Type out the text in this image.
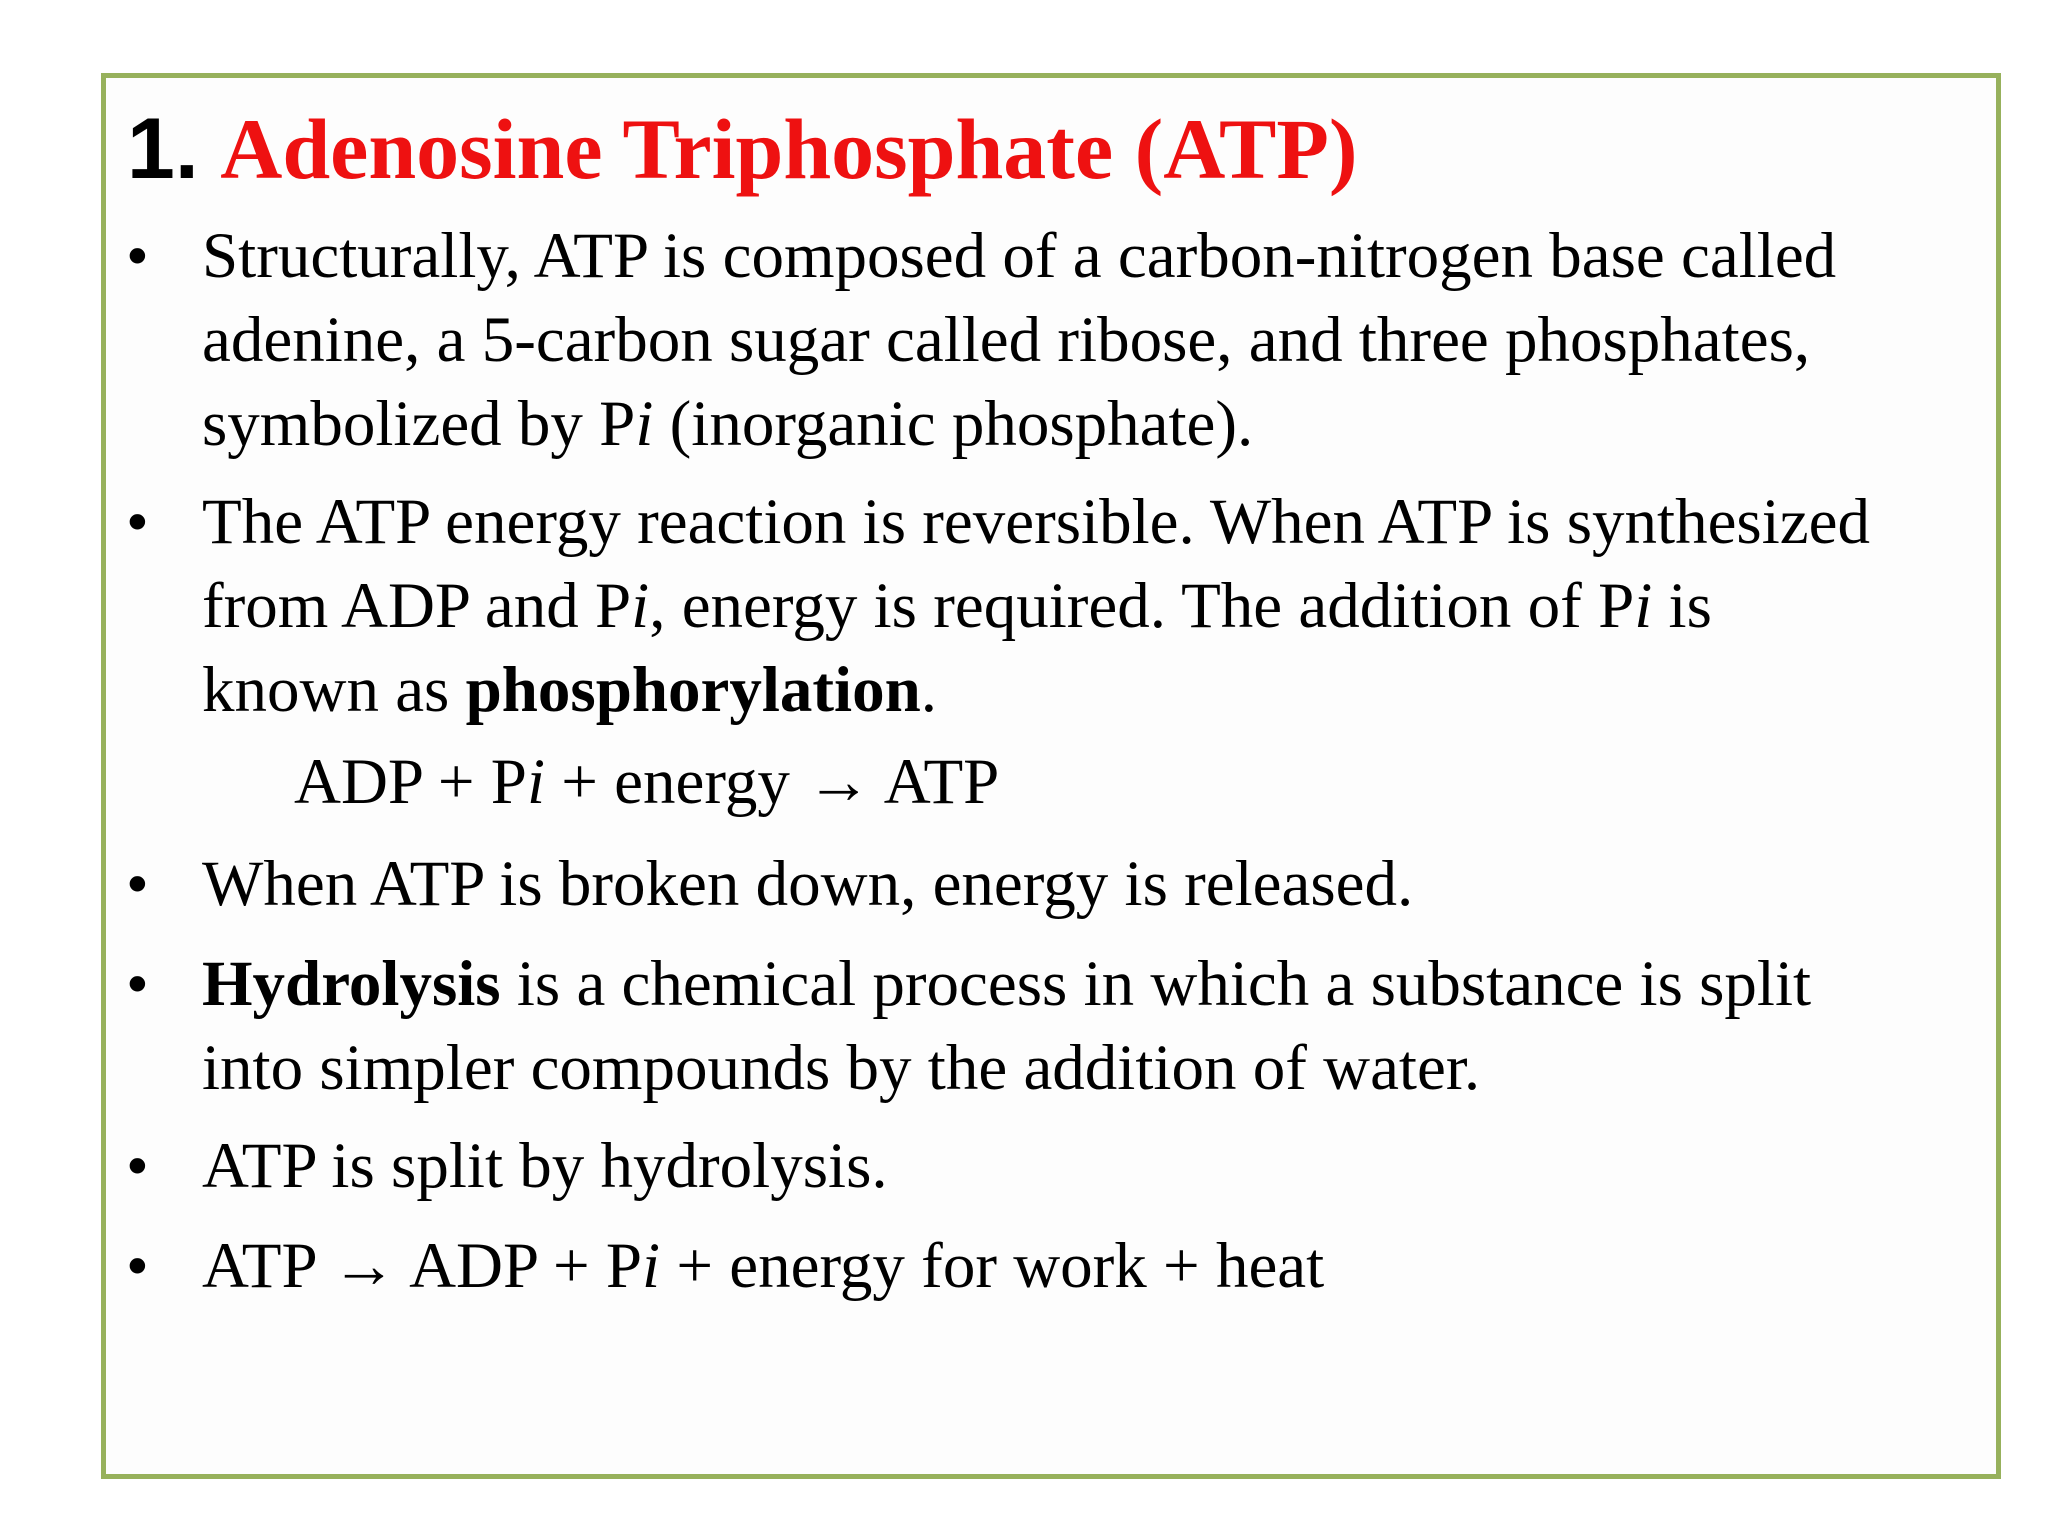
1. Adenosine Triphosphate (ATP)
• Structurally, ATP is composed of a carbon-nitrogen base called
adenine, a 5-carbon sugar called ribose, and three phosphates,
symbolized by Pi (inorganic phosphate).
• The ATP energy reaction is reversible. When ATP is synthesized
from ADP and Pi, energy is required. The addition of Pi is
known as phosphorylation.
ADP + Pi + energy → ATP
• When ATP is broken down, energy is released.
• Hydrolysis is a chemical process in which a substance is split
into simpler compounds by the addition of water.
• ATP is split by hydrolysis.
• ATP → ADP + Pi + energy for work + heat
